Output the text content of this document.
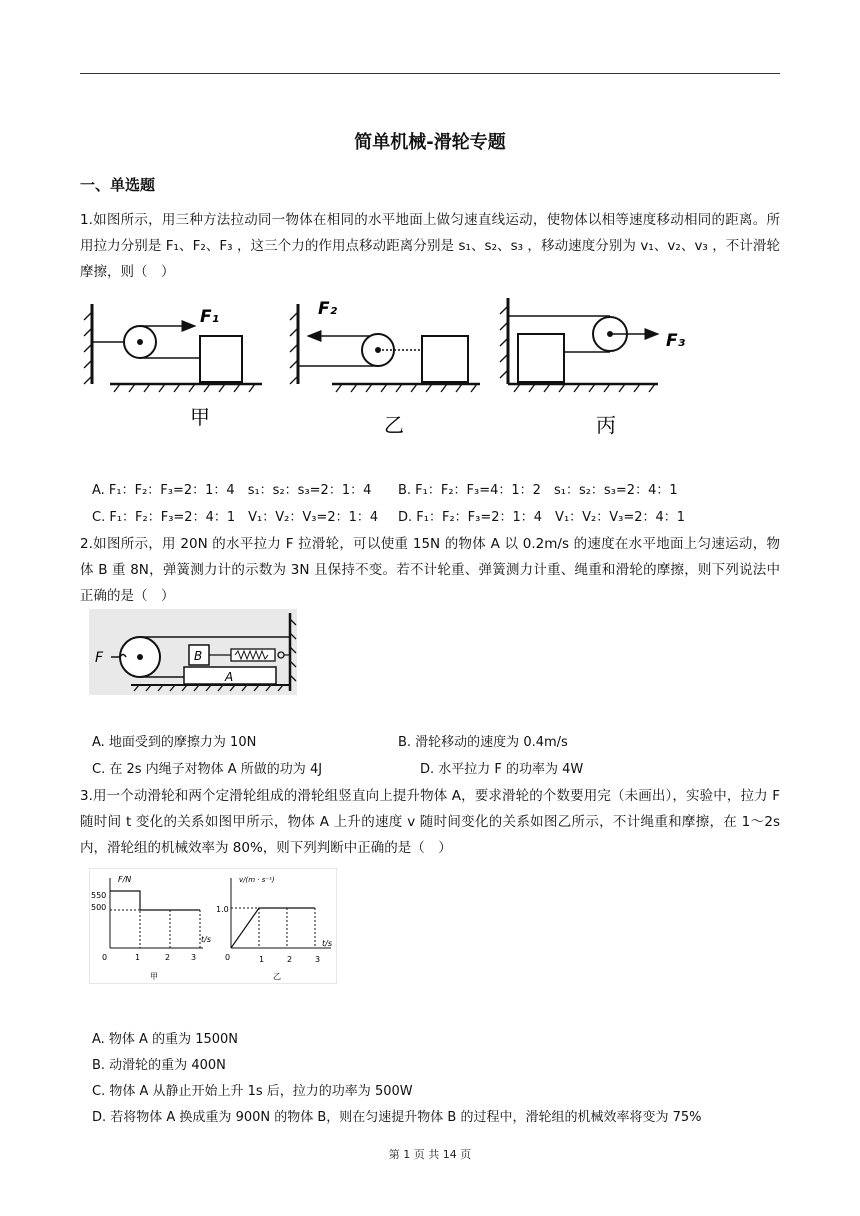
简单机械-滑轮专题
一、单选题
1.如图所示，用三种方法拉动同一物体在相同的水平地面上做匀速直线运动，使物体以相等速度移动相同的距离。所用拉力分别是 F₁、F₂、F₃ ，这三个力的作用点移动距离分别是 s₁、s₂、s₃ ，移动速度分别为 v₁、v₂、v₃ ，不计滑轮摩擦，则（　）
F₁
甲
F₂
乙
F₃
丙
A. F₁：F₂：F₃=2：1：4　s₁：s₂：s₃=2：1：4 B. F₁：F₂：F₃=4：1：2　s₁：s₂：s₃=2：4：1
C. F₁：F₂：F₃=2：4：1　V₁：V₂：V₃=2：1：4 D. F₁：F₂：F₃=2：1：4　V₁：V₂：V₃=2：4：1
2.如图所示，用 20N 的水平拉力 F 拉滑轮，可以使重 15N 的物体 A 以 0.2m/s 的速度在水平地面上匀速运动，物体 B 重 8N，弹簧测力计的示数为 3N 且保持不变。若不计轮重、弹簧测力计重、绳重和滑轮的摩擦，则下列说法中正确的是（　）
F	B
A
A. 地面受到的摩擦力为 10N	B. 滑轮移动的速度为 0.4m/s
C. 在 2s 内绳子对物体 A 所做的功为 4J	D. 水平拉力 F 的功率为 4W
3.用一个动滑轮和两个定滑轮组成的滑轮组竖直向上提升物体 A，要求滑轮的个数要用完（未画出），实验中，拉力 F 随时间 t 变化的关系如图甲所示，物体 A 上升的速度 v 随时间变化的关系如图乙所示，不计绳重和摩擦，在 1～2s 内，滑轮组的机械效率为 80%，则下列判断中正确的是（　）
F/N
t/s
550
500
0	1	2	3
甲
v/(m · s⁻¹)
t/s
1.0
0	1	2	3
乙
A. 物体 A 的重为 1500N
B. 动滑轮的重为 400N
C. 物体 A 从静止开始上升 1s 后，拉力的功率为 500W
D. 若将物体 A 换成重为 900N 的物体 B，则在匀速提升物体 B 的过程中，滑轮组的机械效率将变为 75%
第 1 页 共 14 页
